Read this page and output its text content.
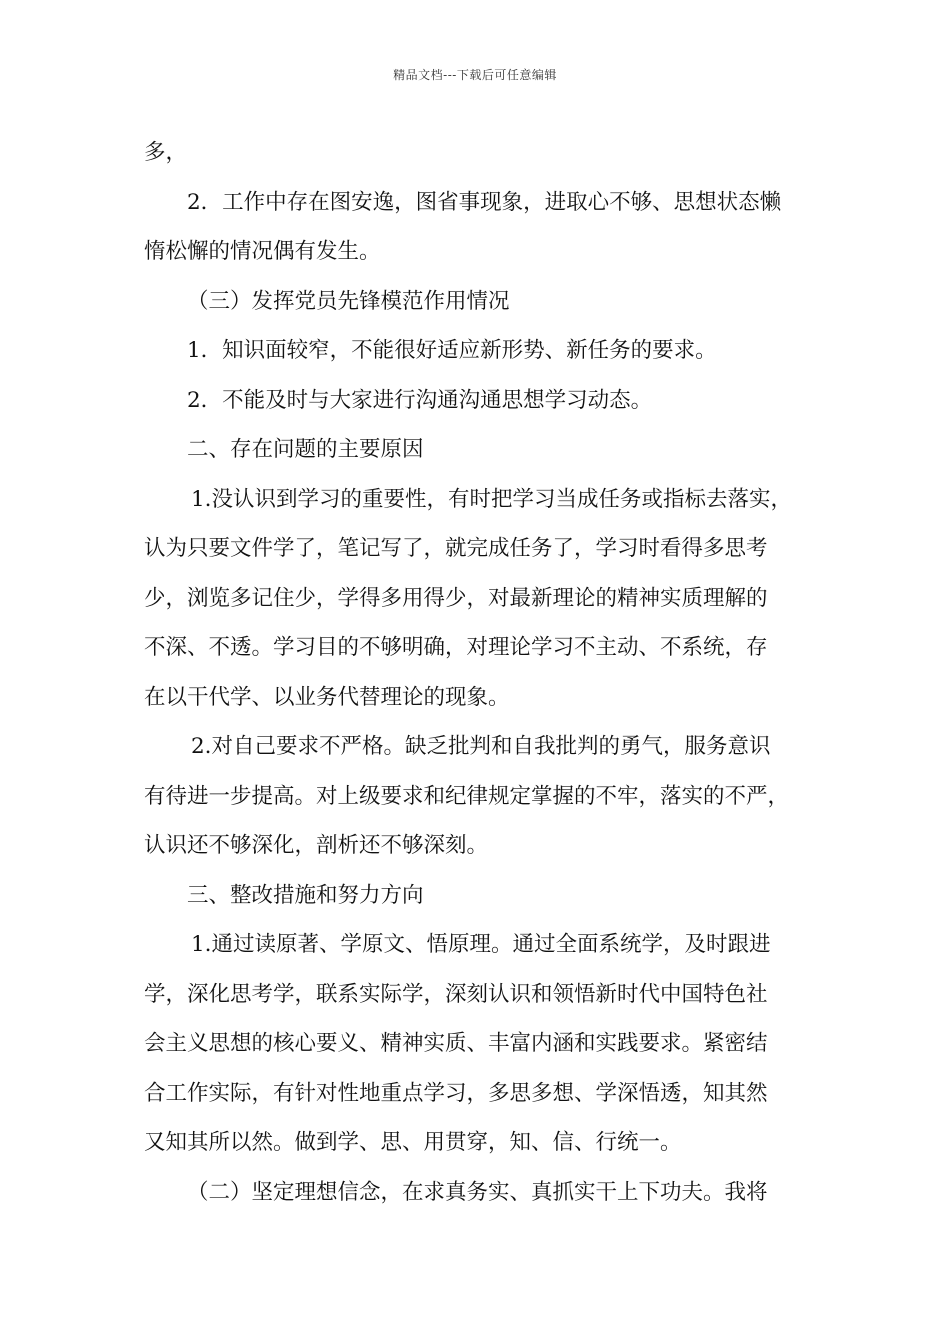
精品文档---下载后可任意编辑
多，
2．工作中存在图安逸，图省事现象，进取心不够、思想状态懒
惰松懈的情况偶有发生。
（三）发挥党员先锋模范作用情况
1．知识面较窄，不能很好适应新形势、新任务的要求。
2．不能及时与大家进行沟通沟通思想学习动态。
二、存在问题的主要原因
1.没认识到学习的重要性，有时把学习当成任务或指标去落实，
认为只要文件学了，笔记写了，就完成任务了，学习时看得多思考
少，浏览多记住少，学得多用得少，对最新理论的精神实质理解的
不深、不透。学习目的不够明确，对理论学习不主动、不系统，存
在以干代学、以业务代替理论的现象。
2.对自己要求不严格。缺乏批判和自我批判的勇气，服务意识
有待进一步提高。对上级要求和纪律规定掌握的不牢，落实的不严，
认识还不够深化，剖析还不够深刻。
三、整改措施和努力方向
1.通过读原著、学原文、悟原理。通过全面系统学，及时跟进
学，深化思考学，联系实际学，深刻认识和领悟新时代中国特色社
会主义思想的核心要义、精神实质、丰富内涵和实践要求。紧密结
合工作实际，有针对性地重点学习，多思多想、学深悟透，知其然
又知其所以然。做到学、思、用贯穿，知、信、行统一。
（二）坚定理想信念，在求真务实、真抓实干上下功夫。我将
